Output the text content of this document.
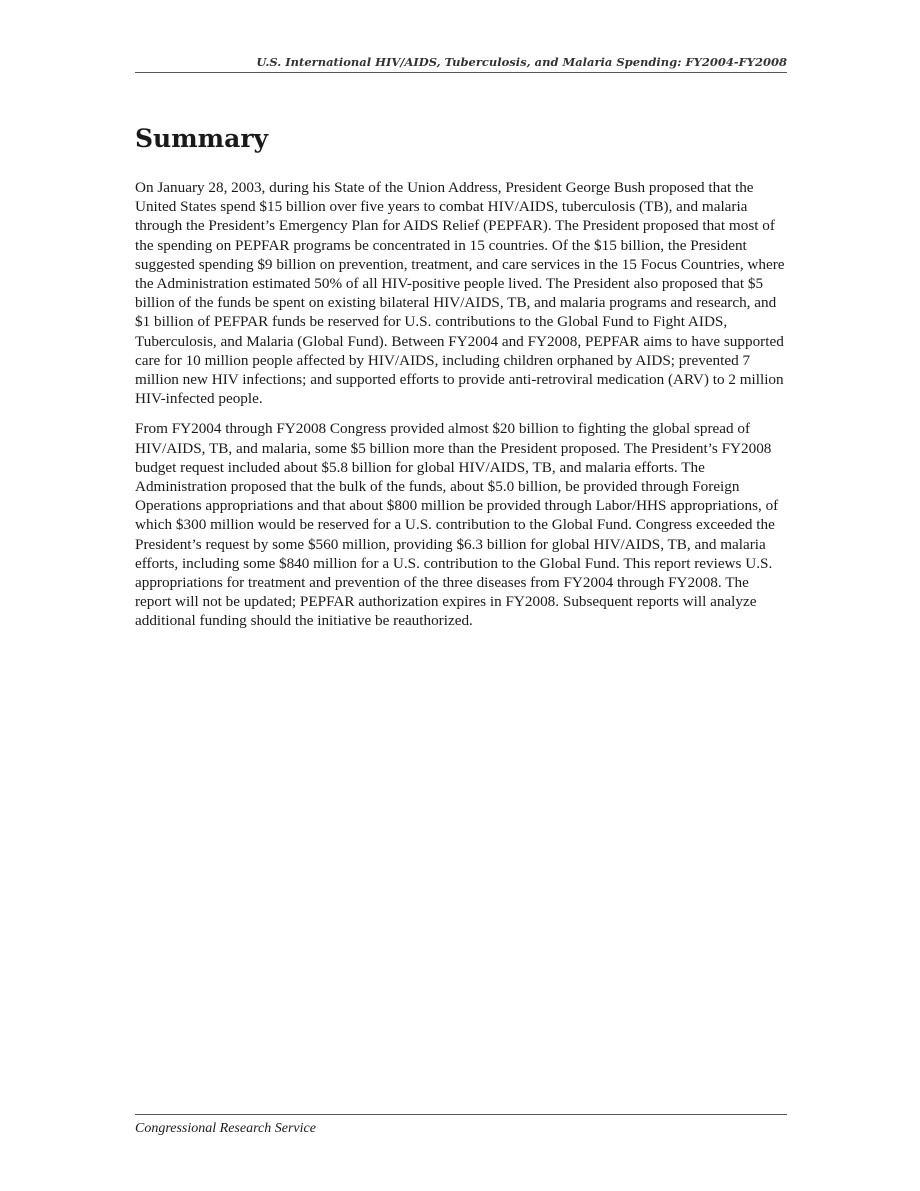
U.S. International HIV/AIDS, Tuberculosis, and Malaria Spending: FY2004-FY2008
Summary

On January 28, 2003, during his State of the Union Address, President George Bush proposed that the United States spend $15 billion over five years to combat HIV/AIDS, tuberculosis (TB), and malaria through the President’s Emergency Plan for AIDS Relief (PEPFAR). The President proposed that most of the spending on PEPFAR programs be concentrated in 15 countries. Of the $15 billion, the President suggested spending $9 billion on prevention, treatment, and care services in the 15 Focus Countries, where the Administration estimated 50% of all HIV-positive people lived. The President also proposed that $5 billion of the funds be spent on existing bilateral HIV/AIDS, TB, and malaria programs and research, and $1 billion of PEFPAR funds be reserved for U.S. contributions to the Global Fund to Fight AIDS, Tuberculosis, and Malaria (Global Fund). Between FY2004 and FY2008, PEPFAR aims to have supported care for 10 million people affected by HIV/AIDS, including children orphaned by AIDS; prevented 7 million new HIV infections; and supported efforts to provide anti-retroviral medication (ARV) to 2 million HIV-infected people.

From FY2004 through FY2008 Congress provided almost $20 billion to fighting the global spread of HIV/AIDS, TB, and malaria, some $5 billion more than the President proposed. The President’s FY2008 budget request included about $5.8 billion for global HIV/AIDS, TB, and malaria efforts. The Administration proposed that the bulk of the funds, about $5.0 billion, be provided through Foreign Operations appropriations and that about $800 million be provided through Labor/HHS appropriations, of which $300 million would be reserved for a U.S. contribution to the Global Fund. Congress exceeded the President’s request by some $560 million, providing $6.3 billion for global HIV/AIDS, TB, and malaria efforts, including some $840 million for a U.S. contribution to the Global Fund. This report reviews U.S. appropriations for treatment and prevention of the three diseases from FY2004 through FY2008. The report will not be updated; PEPFAR authorization expires in FY2008. Subsequent reports will analyze additional funding should the initiative be reauthorized.

Congressional Research Service
